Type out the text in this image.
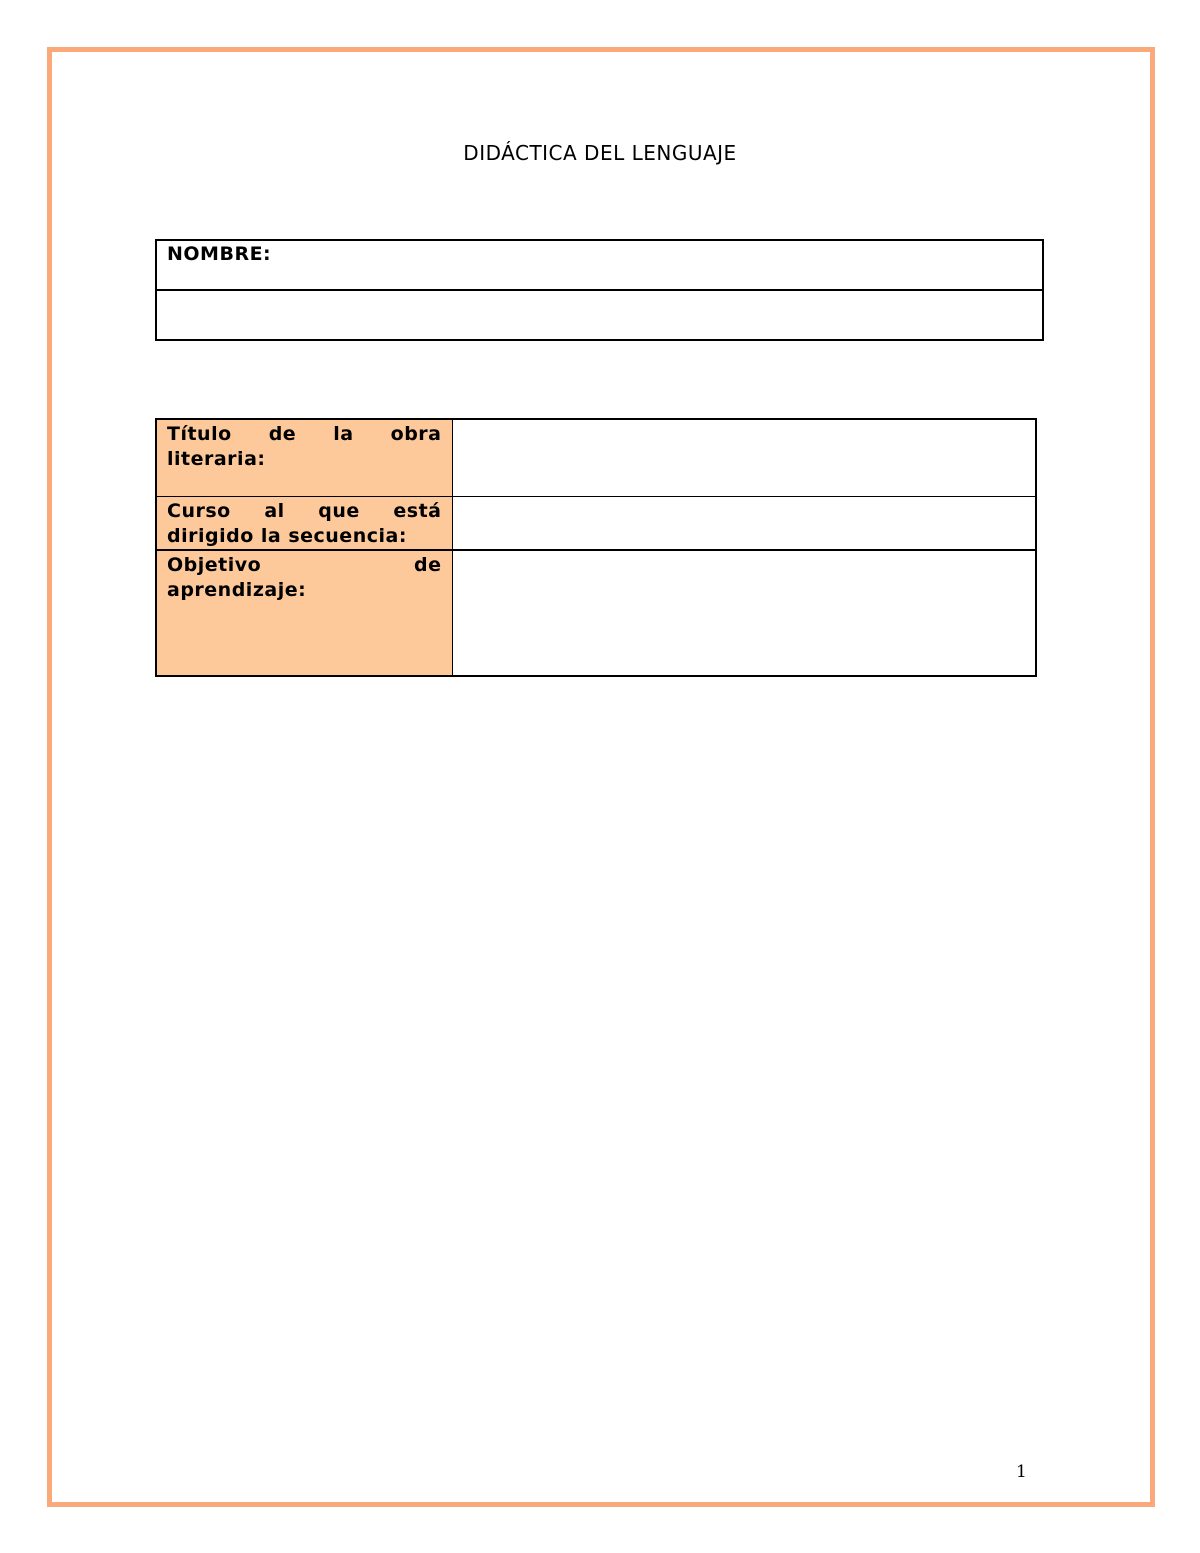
DIDÁCTICA DEL LENGUAJE
NOMBRE:

Título de la obra literaria:	
Curso al que está dirigido la secuencia:	
Objetivo de aprendizaje:	
1
